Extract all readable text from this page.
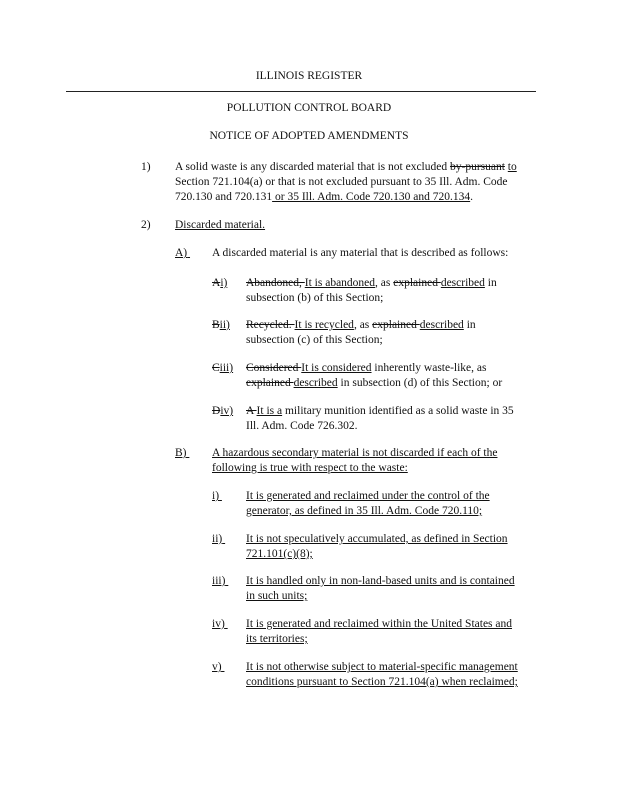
ILLINOIS REGISTER
POLLUTION CONTROL BOARD
NOTICE OF ADOPTED AMENDMENTS
1) A solid waste is any discarded material that is not excluded by-pursuant to
Section 721.104(a) or that is not excluded pursuant to 35 Ill. Adm. Code
720.130 and 720.131 or 35 Ill. Adm. Code 720.130 and 720.134.
2) Discarded material.
A)	A discarded material is any material that is described as follows:
Ai) Abandoned, It is abandoned, as explained described in
subsection (b) of this Section;
Bii) Recycled. It is recycled, as explained described in
subsection (c) of this Section;
Ciii) Considered It is considered inherently waste-like, as
explained described in subsection (d) of this Section; or
Div) A It is a military munition identified as a solid waste in 35
Ill. Adm. Code 726.302.
B)	A hazardous secondary material is not discarded if each of the
following is true with respect to the waste:
i)	It is generated and reclaimed under the control of the
generator, as defined in 35 Ill. Adm. Code 720.110;
ii)	It is not speculatively accumulated, as defined in Section
721.101(c)(8);
iii)	It is handled only in non-land-based units and is contained
in such units;
iv)	It is generated and reclaimed within the United States and
its territories;
v)	It is not otherwise subject to material-specific management
conditions pursuant to Section 721.104(a) when reclaimed;
